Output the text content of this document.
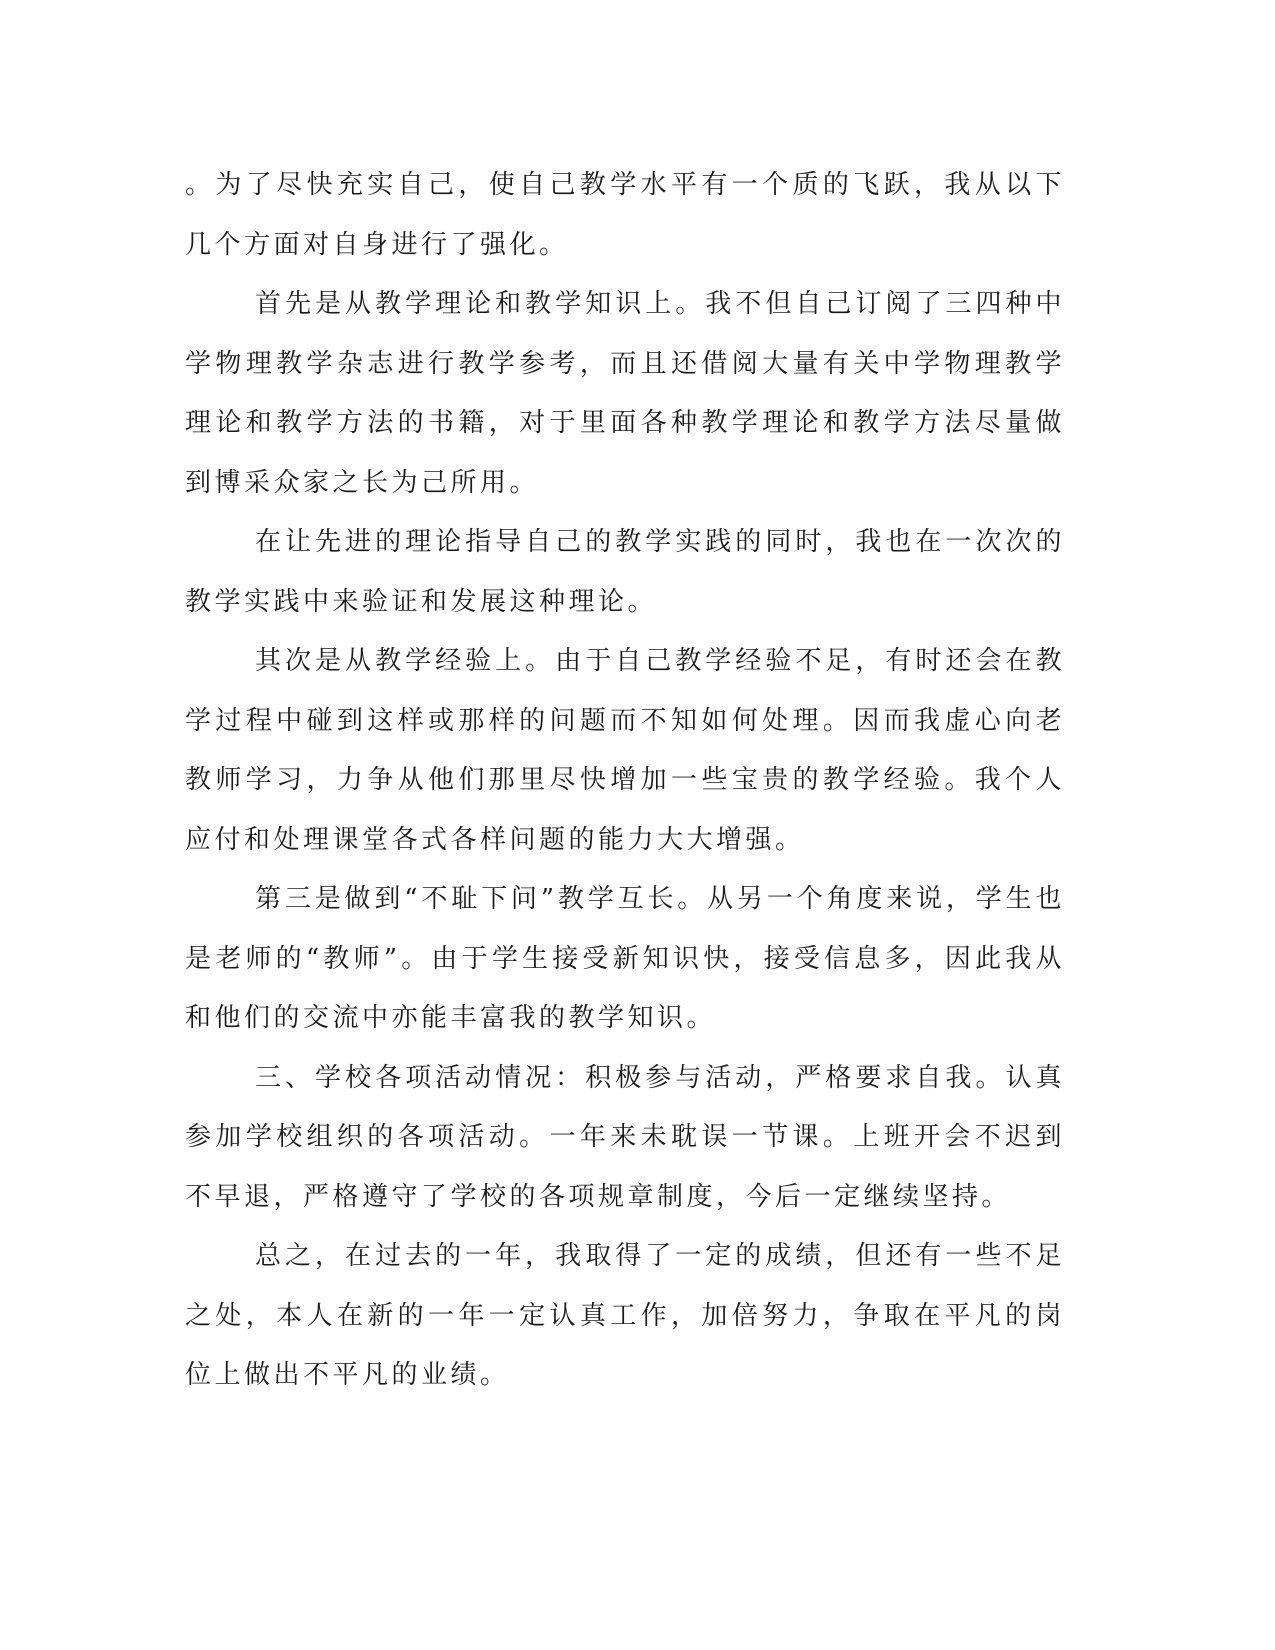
。为了尽快充实自己，使自己教学水平有一个质的飞跃，我从以下几个方面对自身进行了强化。

首先是从教学理论和教学知识上。我不但自己订阅了三四种中学物理教学杂志进行教学参考，而且还借阅大量有关中学物理教学理论和教学方法的书籍，对于里面各种教学理论和教学方法尽量做到博采众家之长为己所用。

在让先进的理论指导自己的教学实践的同时，我也在一次次的教学实践中来验证和发展这种理论。

其次是从教学经验上。由于自己教学经验不足，有时还会在教学过程中碰到这样或那样的问题而不知如何处理。因而我虚心向老教师学习，力争从他们那里尽快增加一些宝贵的教学经验。我个人应付和处理课堂各式各样问题的能力大大增强。

第三是做到“不耻下问”教学互长。从另一个角度来说，学生也是老师的“教师”。由于学生接受新知识快，接受信息多，因此我从和他们的交流中亦能丰富我的教学知识。

三、学校各项活动情况：积极参与活动，严格要求自我。认真参加学校组织的各项活动。一年来未耽误一节课。上班开会不迟到不早退，严格遵守了学校的各项规章制度，今后一定继续坚持。

总之，在过去的一年，我取得了一定的成绩，但还有一些不足之处，本人在新的一年一定认真工作，加倍努力，争取在平凡的岗位上做出不平凡的业绩。
